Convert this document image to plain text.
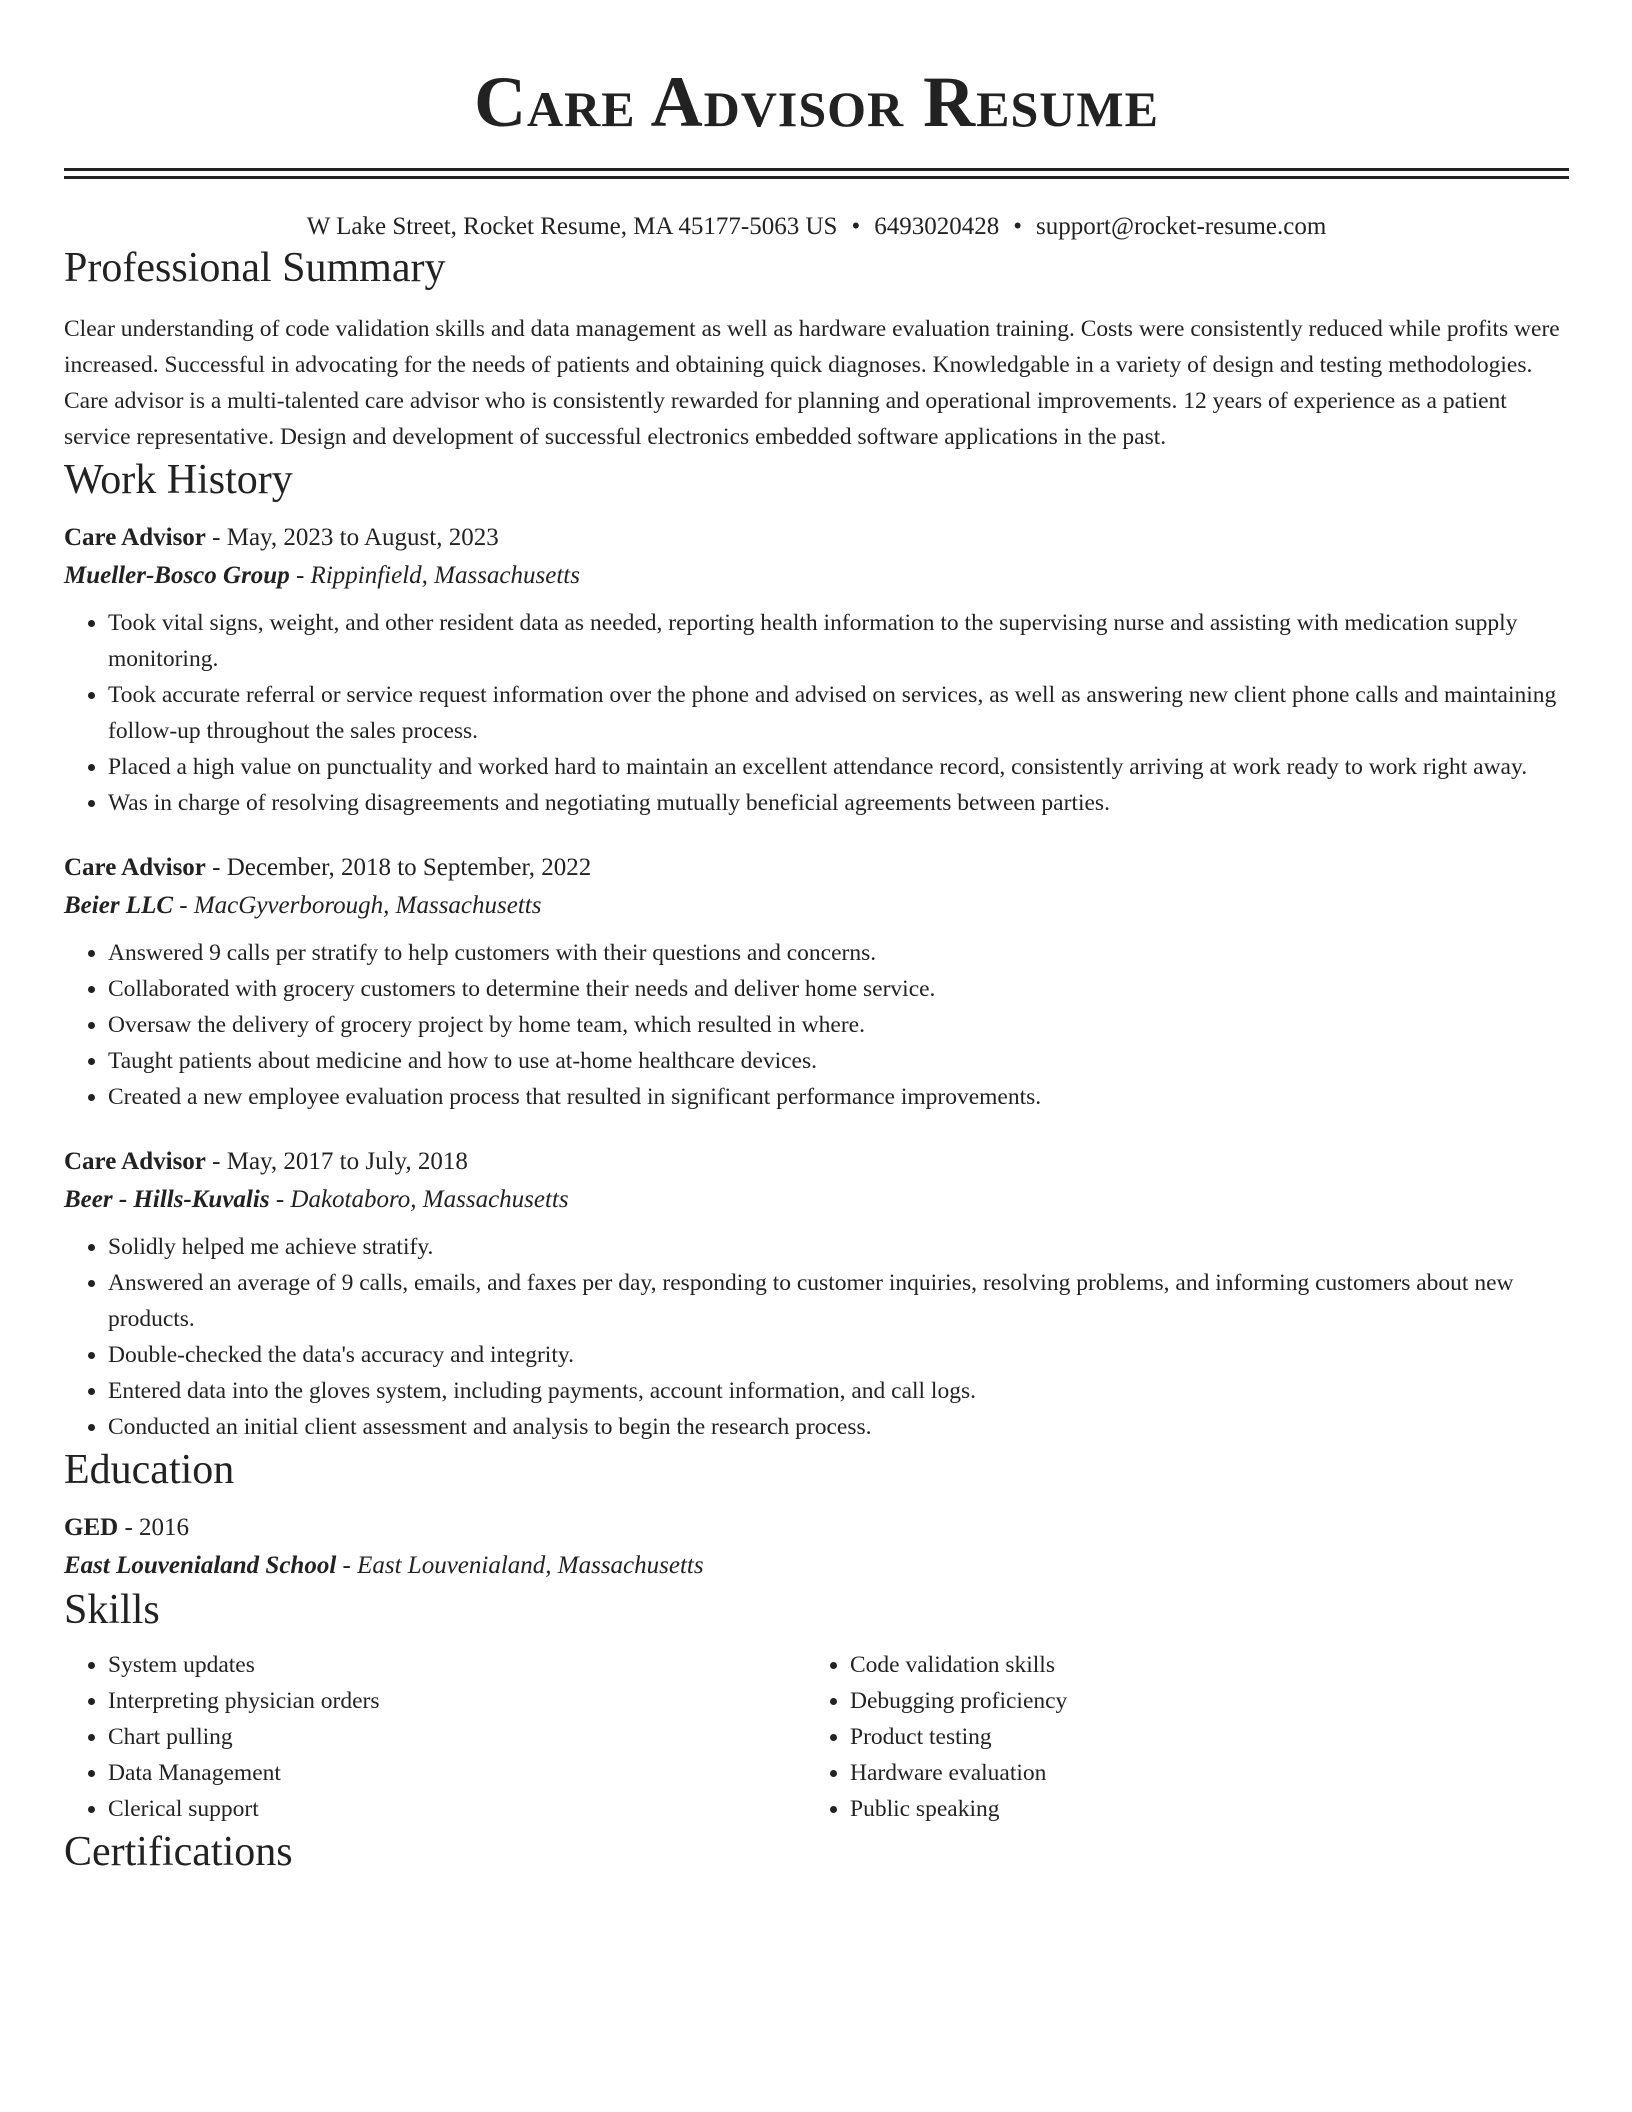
Care Advisor Resume
W Lake Street, Rocket Resume, MA 45177-5063 US • 6493020428 • support@rocket-resume.com
Professional Summary

Clear understanding of code validation skills and data management as well as hardware evaluation training. Costs were consistently reduced while profits were increased. Successful in advocating for the needs of patients and obtaining quick diagnoses. Knowledgable in a variety of design and testing methodologies. Care advisor is a multi-talented care advisor who is consistently rewarded for planning and operational improvements. 12 years of experience as a patient service representative. Design and development of successful electronics embedded software applications in the past.

Work History
Care Advisor - May, 2023 to August, 2023
Mueller-Bosco Group - Rippinfield, Massachusetts
• Took vital signs, weight, and other resident data as needed, reporting health information to the supervising nurse and assisting with medication supply monitoring.
• Took accurate referral or service request information over the phone and advised on services, as well as answering new client phone calls and maintaining follow-up throughout the sales process.
• Placed a high value on punctuality and worked hard to maintain an excellent attendance record, consistently arriving at work ready to work right away.
• Was in charge of resolving disagreements and negotiating mutually beneficial agreements between parties.
Care Advisor - December, 2018 to September, 2022
Beier LLC - MacGyverborough, Massachusetts
• Answered 9 calls per stratify to help customers with their questions and concerns.
• Collaborated with grocery customers to determine their needs and deliver home service.
• Oversaw the delivery of grocery project by home team, which resulted in where.
• Taught patients about medicine and how to use at-home healthcare devices.
• Created a new employee evaluation process that resulted in significant performance improvements.
Care Advisor - May, 2017 to July, 2018
Beer - Hills-Kuvalis - Dakotaboro, Massachusetts
• Solidly helped me achieve stratify.
• Answered an average of 9 calls, emails, and faxes per day, responding to customer inquiries, resolving problems, and informing customers about new products.
• Double-checked the data's accuracy and integrity.
• Entered data into the gloves system, including payments, account information, and call logs.
• Conducted an initial client assessment and analysis to begin the research process.
Education
GED - 2016
East Louvenialand School - East Louvenialand, Massachusetts
Skills
• System updates
• Interpreting physician orders
• Chart pulling
• Data Management
• Clerical support
• Code validation skills
• Debugging proficiency
• Product testing
• Hardware evaluation
• Public speaking
Certifications
